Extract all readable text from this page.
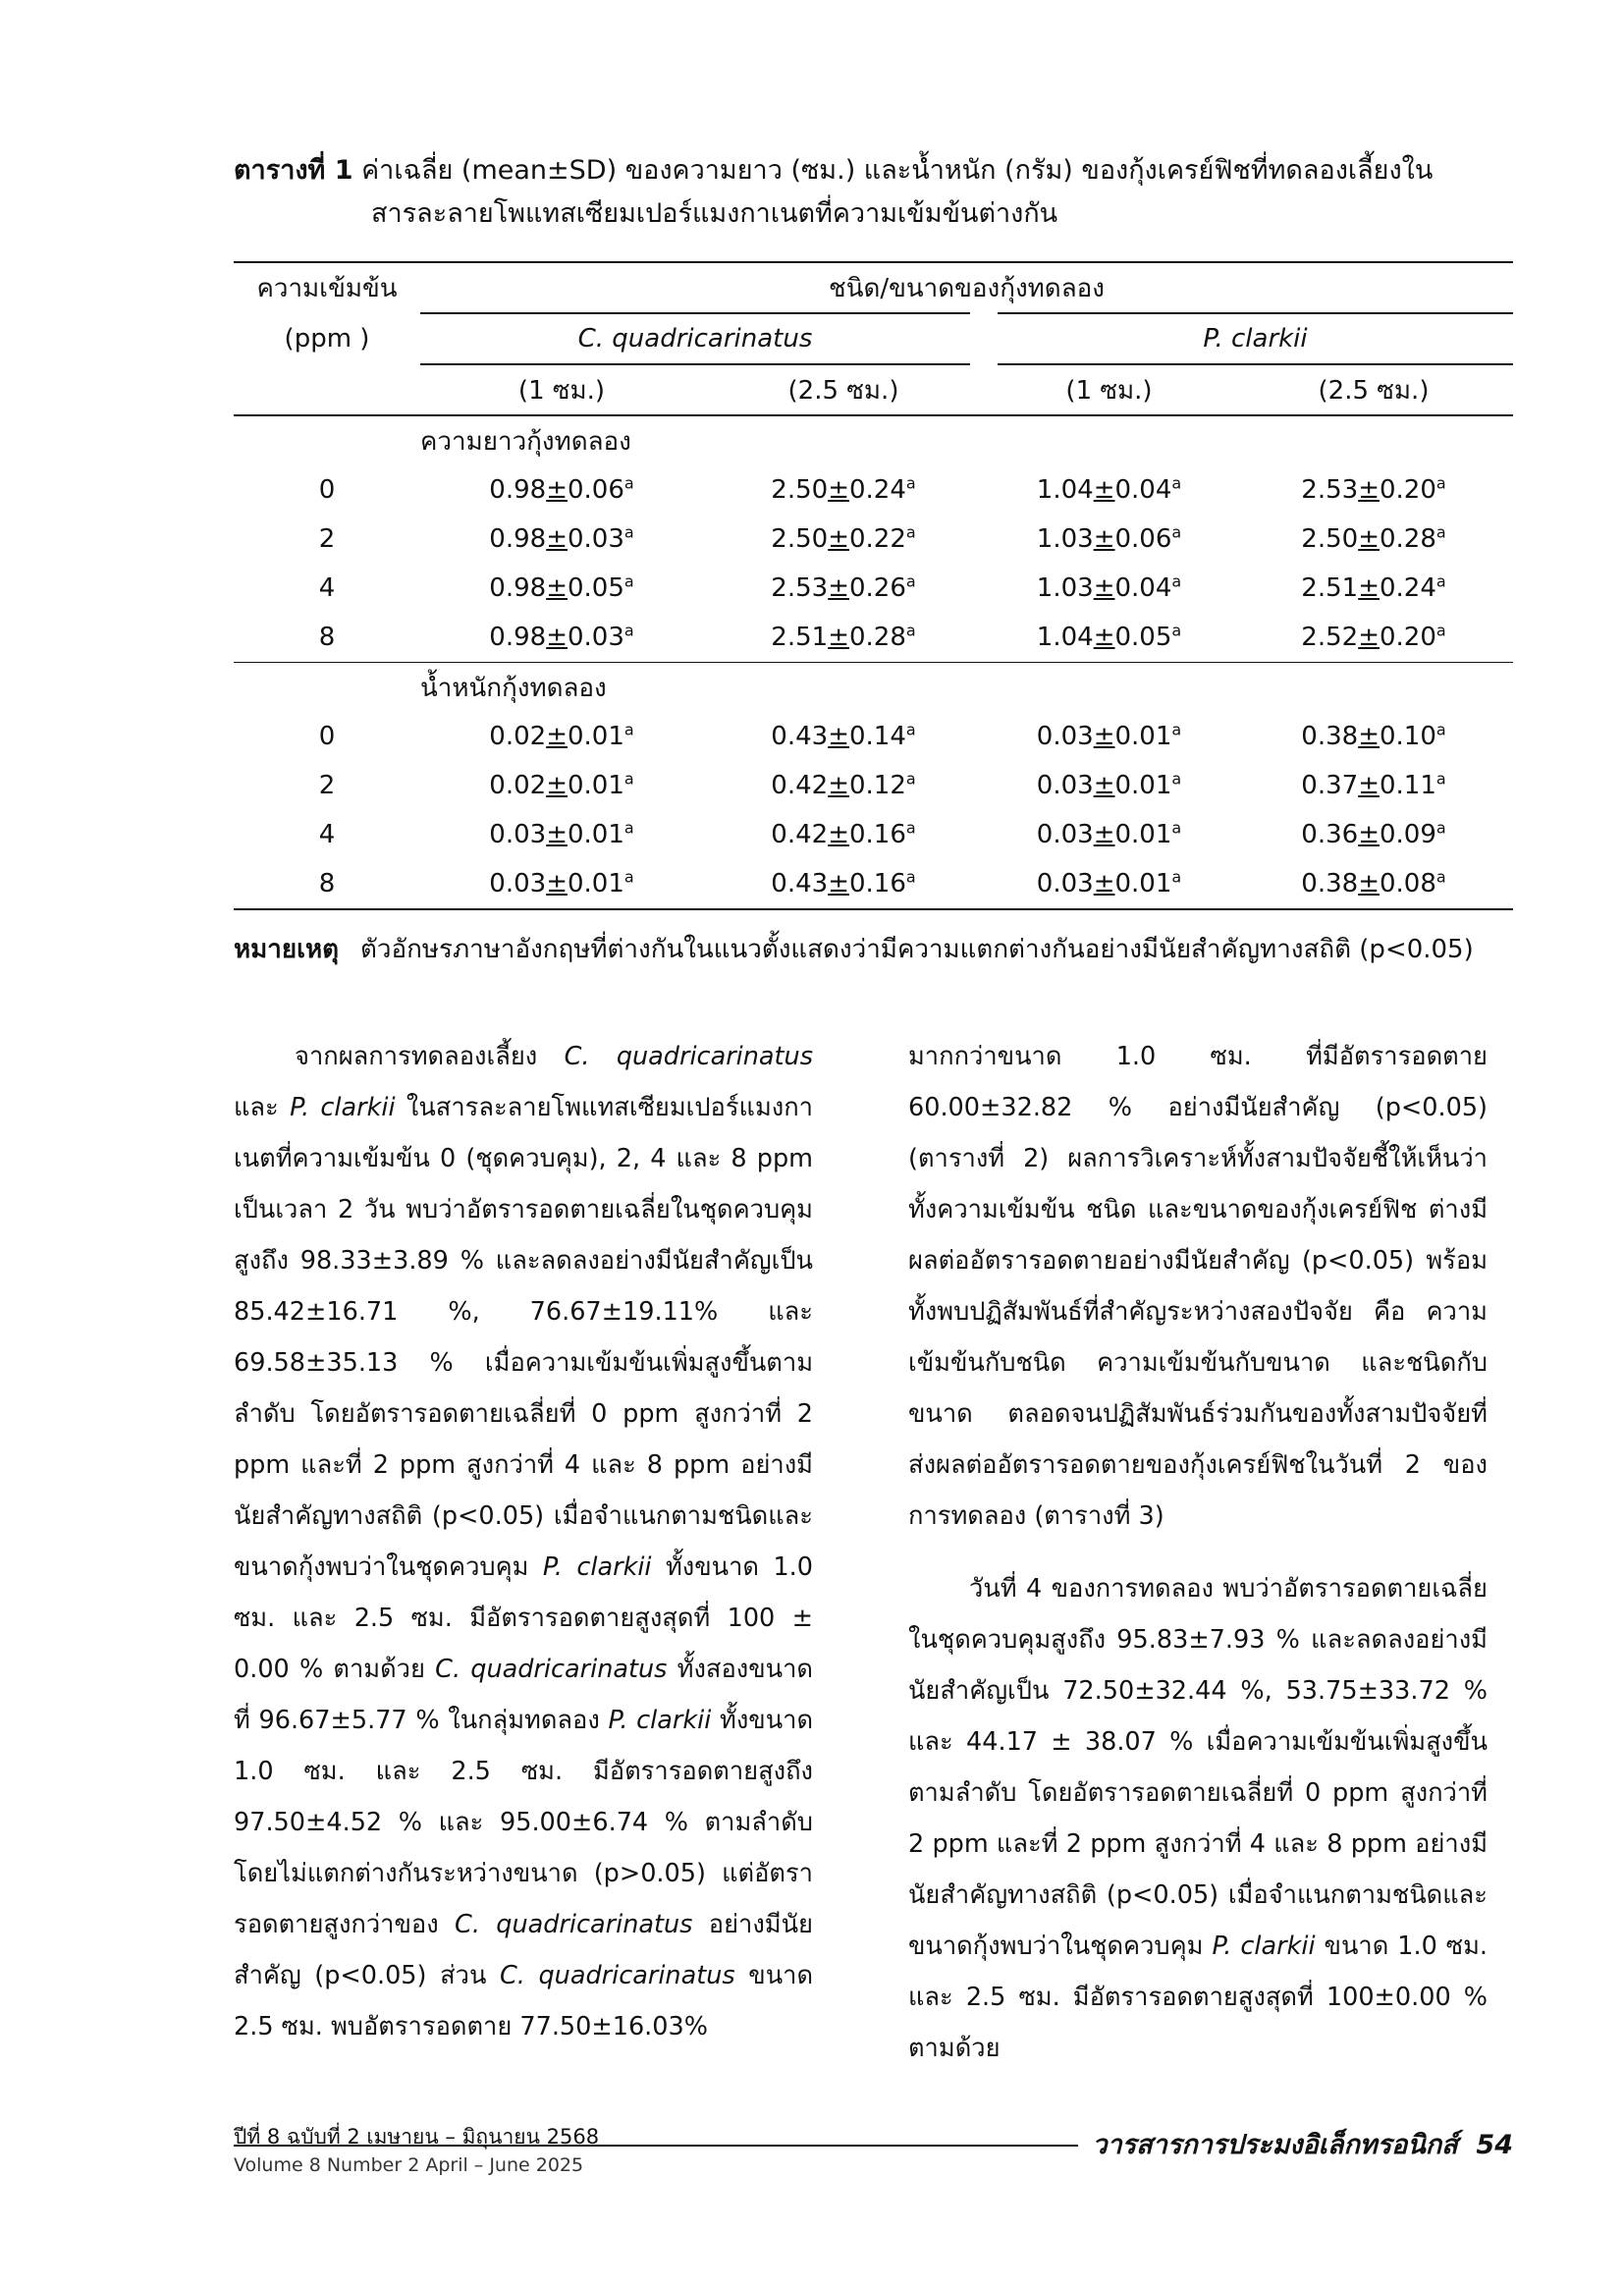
ตารางที่ 1 ค่าเฉลี่ย (mean±SD) ของความยาว (ซม.) และน้ำหนัก (กรัม) ของกุ้งเครย์ฟิชที่ทดลองเลี้ยงใน
สารละลายโพแทสเซียมเปอร์แมงกาเนตที่ความเข้มข้นต่างกัน
ความเข้มข้น	ชนิด/ขนาดของกุ้งทดลอง			
(ppm )	C. quadricarinatus		P. clarkii	
	(1 ซม.)	(2.5 ซม.)	(1 ซม.)	(2.5 ซม.)
ความยาวกุ้งทดลอง				
0	0.98±0.06$^a$	2.50±0.24$^a$	1.04±0.04$^a$	2.53±0.20$^a$
2	0.98±0.03$^a$	2.50±0.22$^a$	1.03±0.06$^a$	2.50±0.28$^a$
4	0.98±0.05$^a$	2.53±0.26$^a$	1.03±0.04$^a$	2.51±0.24$^a$
8	0.98±0.03$^a$	2.51±0.28$^a$	1.04±0.05$^a$	2.52±0.20$^a$
น้ำหนักกุ้งทดลอง				
0	0.02±0.01$^a$	0.43±0.14$^a$	0.03±0.01$^a$	0.38±0.10$^a$
2	0.02±0.01$^a$	0.42±0.12$^a$	0.03±0.01$^a$	0.37±0.11$^a$
4	0.03±0.01$^a$	0.42±0.16$^a$	0.03±0.01$^a$	0.36±0.09$^a$
8	0.03±0.01$^a$	0.43±0.16$^a$	0.03±0.01$^a$	0.38±0.08$^a$
หมายเหตุ ตัวอักษรภาษาอังกฤษที่ต่างกันในแนวตั้งแสดงว่ามีความแตกต่างกันอย่างมีนัยสำคัญทางสถิติ (p<0.05)

จากผลการทดลองเลี้ยง C. quadricarinatus และ P. clarkii ในสารละลายโพแทสเซียมเปอร์แมงกาเนตที่ความเข้มข้น 0 (ชุดควบคุม), 2, 4 และ 8 ppm เป็นเวลา 2 วัน พบว่าอัตรารอดตายเฉลี่ยในชุดควบคุมสูงถึง 98.33±3.89 % และลดลงอย่างมีนัยสำคัญเป็น 85.42±16.71 %, 76.67±19.11% และ 69.58±35.13 % เมื่อความเข้มข้นเพิ่มสูงขึ้นตามลำดับ โดยอัตรารอดตายเฉลี่ยที่ 0 ppm สูงกว่าที่ 2 ppm และที่ 2 ppm สูงกว่าที่ 4 และ 8 ppm อย่างมีนัยสำคัญทางสถิติ (p<0.05) เมื่อจำแนกตามชนิดและขนาดกุ้งพบว่าในชุดควบคุม P. clarkii ทั้งขนาด 1.0 ซม. และ 2.5 ซม. มีอัตรารอดตายสูงสุดที่ 100 ± 0.00 % ตามด้วย C. quadricarinatus ทั้งสองขนาดที่ 96.67±5.77 % ในกลุ่มทดลอง P. clarkii ทั้งขนาด 1.0 ซม. และ 2.5 ซม. มีอัตรารอดตายสูงถึง 97.50±4.52 % และ 95.00±6.74 % ตามลำดับ โดยไม่แตกต่างกันระหว่างขนาด (p>0.05) แต่อัตรารอดตายสูงกว่าของ C. quadricarinatus อย่างมีนัยสำคัญ (p<0.05) ส่วน C. quadricarinatus ขนาด 2.5 ซม. พบอัตรารอดตาย 77.50±16.03%

มากกว่าขนาด 1.0 ซม. ที่มีอัตรารอดตาย 60.00±32.82 % อย่างมีนัยสำคัญ (p<0.05) (ตารางที่ 2) ผลการวิเคราะห์ทั้งสามปัจจัยชี้ให้เห็นว่าทั้งความเข้มข้น ชนิด และขนาดของกุ้งเครย์ฟิช ต่างมีผลต่ออัตรารอดตายอย่างมีนัยสำคัญ (p<0.05) พร้อมทั้งพบปฏิสัมพันธ์ที่สำคัญระหว่างสองปัจจัย คือ ความเข้มข้นกับชนิด ความเข้มข้นกับขนาด และชนิดกับขนาด ตลอดจนปฏิสัมพันธ์ร่วมกันของทั้งสามปัจจัยที่ส่งผลต่ออัตรารอดตายของกุ้งเครย์ฟิชในวันที่ 2 ของการทดลอง (ตารางที่ 3)

วันที่ 4 ของการทดลอง พบว่าอัตรารอดตายเฉลี่ยในชุดควบคุมสูงถึง 95.83±7.93 % และลดลงอย่างมีนัยสำคัญเป็น 72.50±32.44 %, 53.75±33.72 % และ 44.17 ± 38.07 % เมื่อความเข้มข้นเพิ่มสูงขึ้นตามลำดับ โดยอัตรารอดตายเฉลี่ยที่ 0 ppm สูงกว่าที่ 2 ppm และที่ 2 ppm สูงกว่าที่ 4 และ 8 ppm อย่างมีนัยสำคัญทางสถิติ (p<0.05) เมื่อจำแนกตามชนิดและขนาดกุ้งพบว่าในชุดควบคุม P. clarkii ขนาด 1.0 ซม. และ 2.5 ซม. มีอัตรารอดตายสูงสุดที่ 100±0.00 % ตามด้วย

ปีที่ 8 ฉบับที่ 2 เมษายน – มิถุนายน 2568
Volume 8 Number 2 April – June 2025
วารสารการประมงอิเล็กทรอนิกส์ 54
